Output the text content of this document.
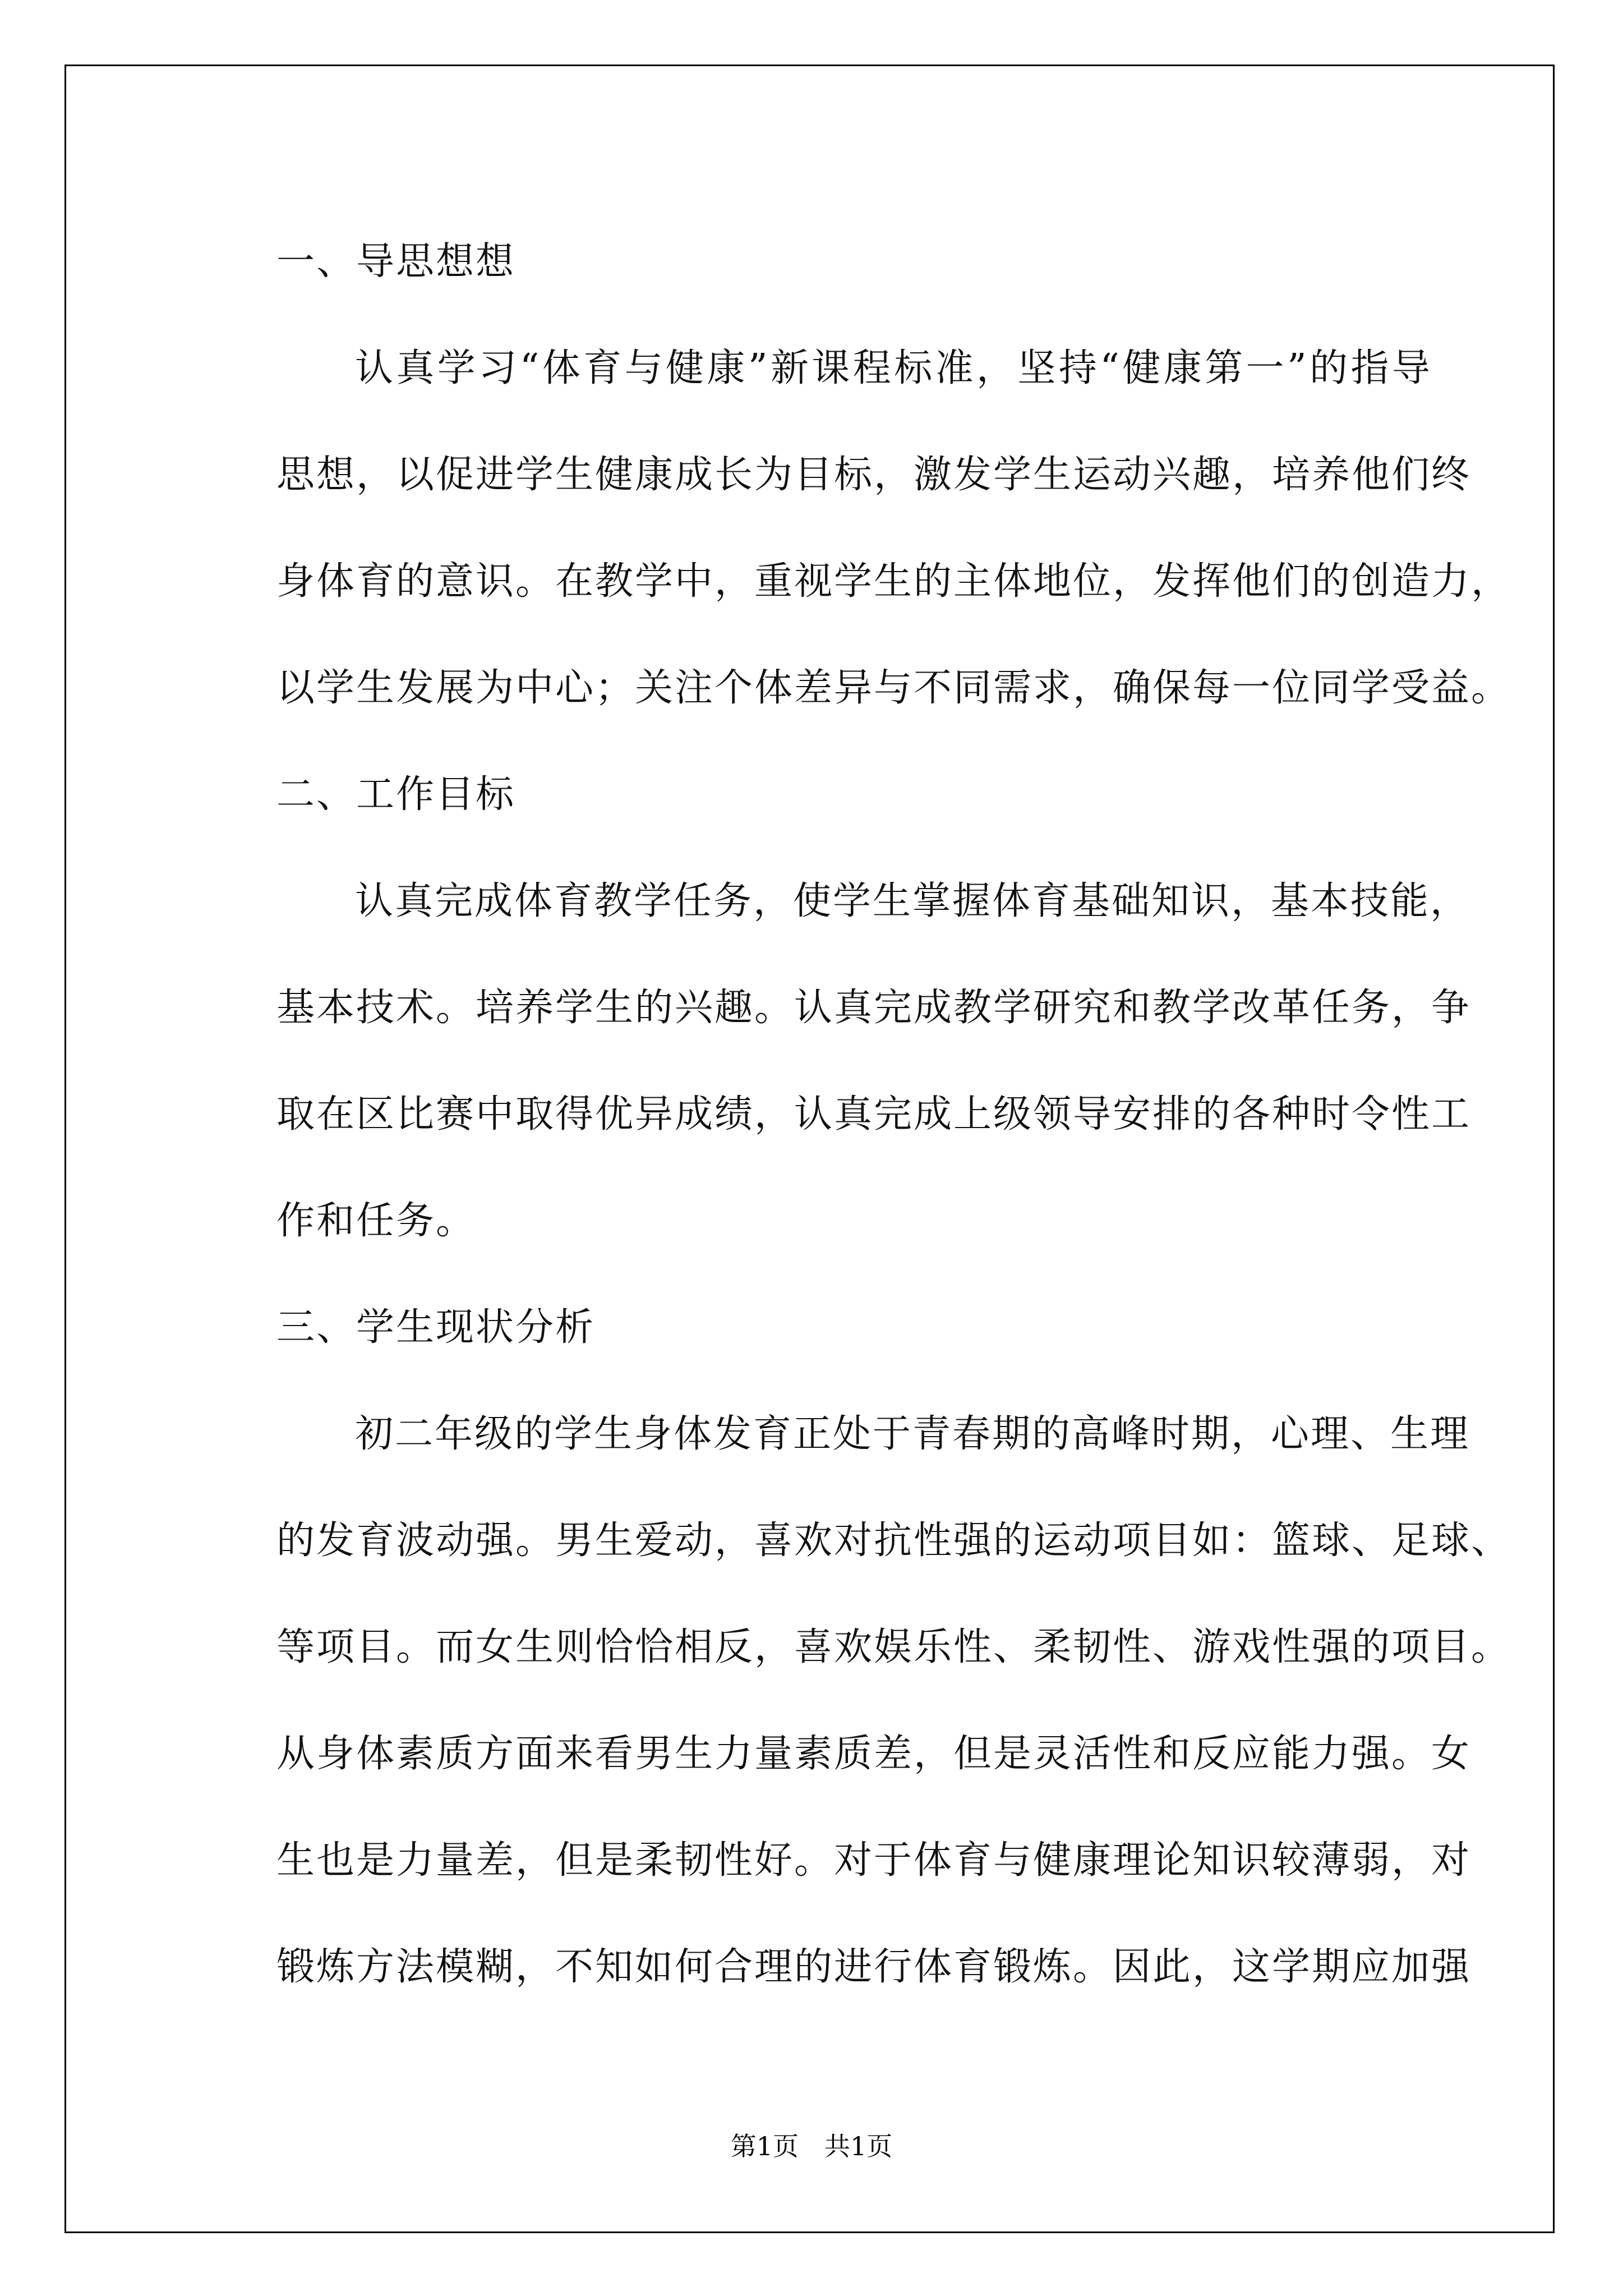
一、导思想想
认真学习“体育与健康”新课程标准，坚持“健康第一”的指导
思想，以促进学生健康成长为目标，激发学生运动兴趣，培养他们终
身体育的意识。在教学中，重视学生的主体地位，发挥他们的创造力，
以学生发展为中心；关注个体差异与不同需求，确保每一位同学受益。
二、工作目标
认真完成体育教学任务，使学生掌握体育基础知识，基本技能，
基本技术。培养学生的兴趣。认真完成教学研究和教学改革任务，争
取在区比赛中取得优异成绩，认真完成上级领导安排的各种时令性工
作和任务。
三、学生现状分析
初二年级的学生身体发育正处于青春期的高峰时期，心理、生理
的发育波动强。男生爱动，喜欢对抗性强的运动项目如：篮球、足球、
等项目。而女生则恰恰相反，喜欢娱乐性、柔韧性、游戏性强的项目。
从身体素质方面来看男生力量素质差，但是灵活性和反应能力强。女
生也是力量差，但是柔韧性好。对于体育与健康理论知识较薄弱，对
锻炼方法模糊，不知如何合理的进行体育锻炼。因此，这学期应加强
第1页　共1页
